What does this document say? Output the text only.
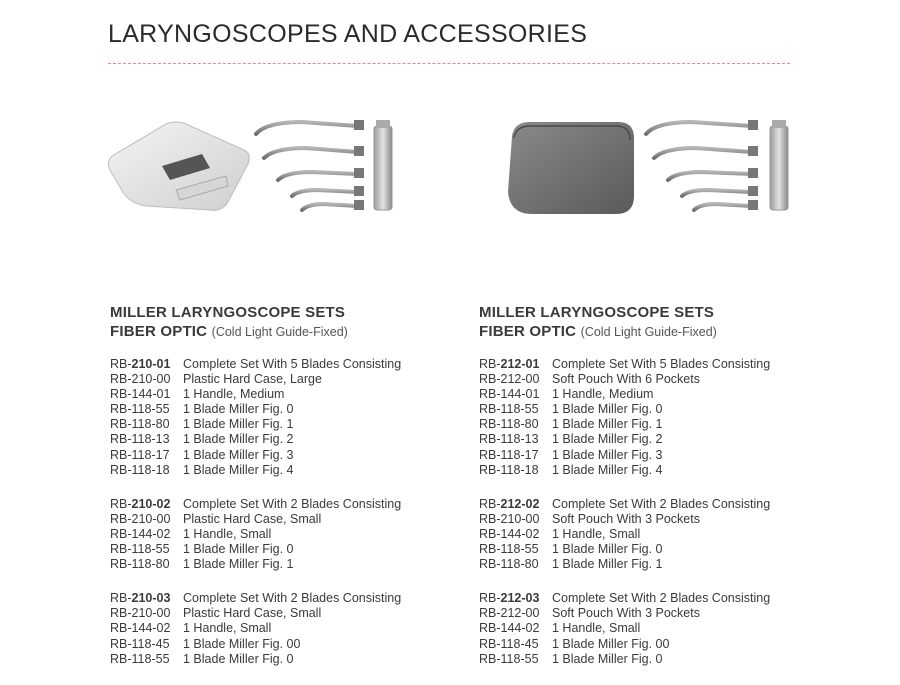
LARYNGOSCOPES AND ACCESSORIES
MILLER LARYNGOSCOPE SETS
FIBER OPTIC (Cold Light Guide-Fixed)
RB-210-01	Complete Set With 5 Blades Consisting
RB-210-00	Plastic Hard Case, Large
RB-144-01	1 Handle, Medium
RB-118-55	1 Blade Miller Fig. 0
RB-118-80	1 Blade Miller Fig. 1
RB-118-13	1 Blade Miller Fig. 2
RB-118-17	1 Blade Miller Fig. 3
RB-118-18	1 Blade Miller Fig. 4
RB-210-02	Complete Set With 2 Blades Consisting
RB-210-00	Plastic Hard Case, Small
RB-144-02	1 Handle, Small
RB-118-55	1 Blade Miller Fig. 0
RB-118-80	1 Blade Miller Fig. 1
RB-210-03	Complete Set With 2 Blades Consisting
RB-210-00	Plastic Hard Case, Small
RB-144-02	1 Handle, Small
RB-118-45	1 Blade Miller Fig. 00
RB-118-55	1 Blade Miller Fig. 0
MILLER LARYNGOSCOPE SETS
FIBER OPTIC (Cold Light Guide-Fixed)
RB-212-01	Complete Set With 5 Blades Consisting
RB-212-00	Soft Pouch With 6 Pockets
RB-144-01	1 Handle, Medium
RB-118-55	1 Blade Miller Fig. 0
RB-118-80	1 Blade Miller Fig. 1
RB-118-13	1 Blade Miller Fig. 2
RB-118-17	1 Blade Miller Fig. 3
RB-118-18	1 Blade Miller Fig. 4
RB-212-02	Complete Set With 2 Blades Consisting
RB-210-00	Soft Pouch With 3 Pockets
RB-144-02	1 Handle, Small
RB-118-55	1 Blade Miller Fig. 0
RB-118-80	1 Blade Miller Fig. 1
RB-212-03	Complete Set With 2 Blades Consisting
RB-212-00	Soft Pouch With 3 Pockets
RB-144-02	1 Handle, Small
RB-118-45	1 Blade Miller Fig. 00
RB-118-55	1 Blade Miller Fig. 0
